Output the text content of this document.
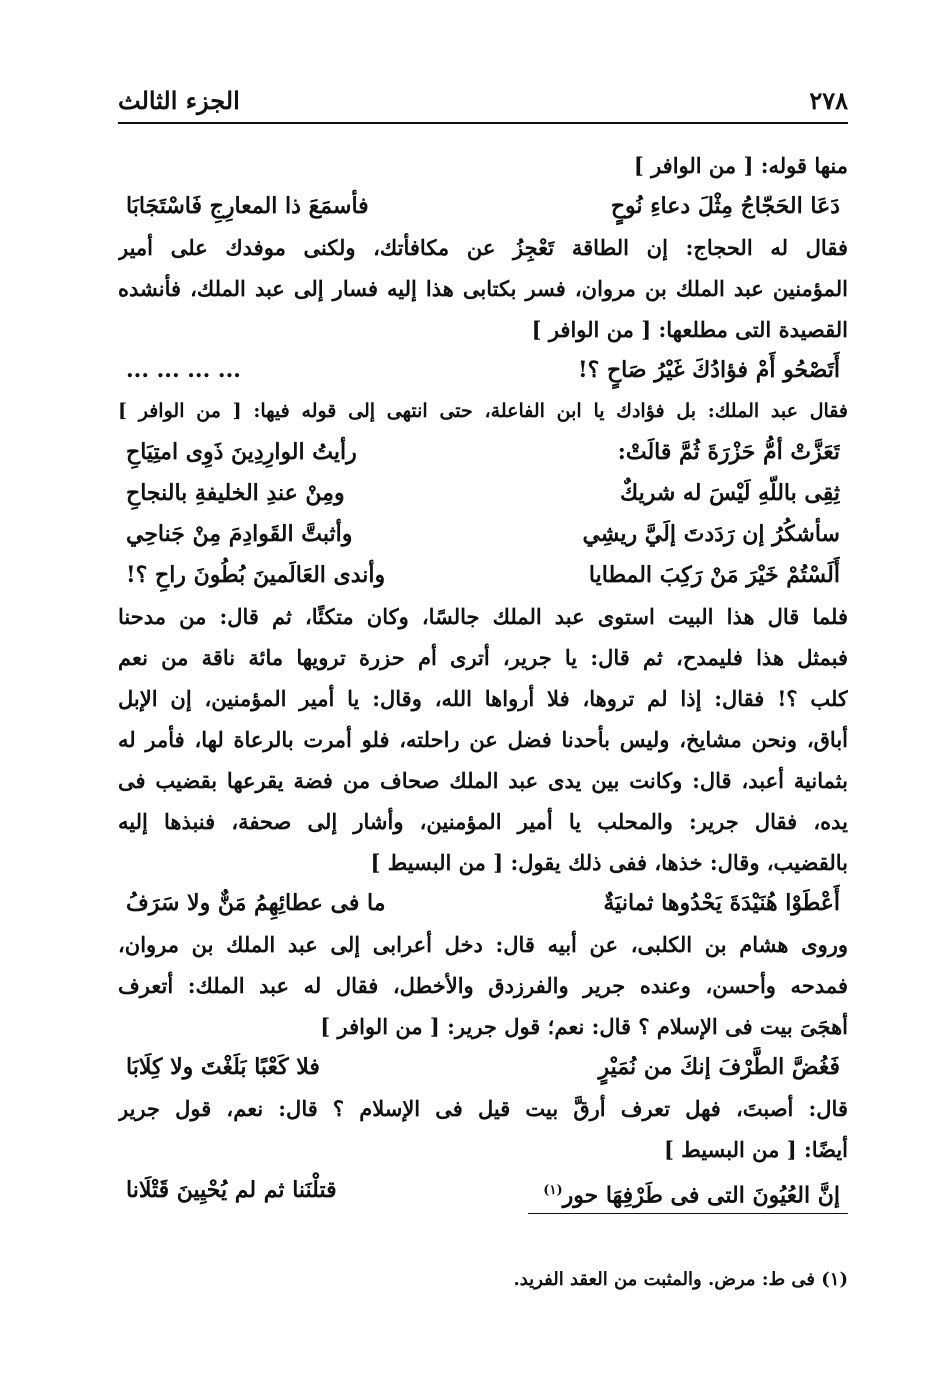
٢٧٨
الجزء الثالث
منها قوله: [ من الوافر ]
دَعَا الحَجّاجُ مِثْلَ دعاءِ نُوحٍ
فأسمَعَ ذا المعارِجِ فَاسْتَجَابَا
فقال له الحجاج: إن الطاقة تَعْجِزُ عن مكافأتك، ولكنى موفدك على أمير
المؤمنين عبد الملك بن مروان، فسر بكتابى هذا إليه فسار إلى عبد الملك، فأنشده
القصيدة التى مطلعها: [ من الوافر ]
أَتَصْحُو أَمْ فؤادُكَ غَيْرُ صَاحٍ ؟!
... ... ... ...
فقال عبد الملك: بل فؤادك يا ابن الفاعلة، حتى انتهى إلى قوله فيها: [ من الوافر ]
تَعَزَّتْ أمُّ حَزْرَةَ ثُمَّ قالَتْ:
رأيتُ الوارِدِينَ ذَوِى امتِيَاحِ
ثِقِى باللّهِ لَيْسَ له شريكٌ
ومِنْ عندِ الخليفةِ بالنجاحِ
سأشكُرُ إن رَدَدتَ إلَيَّ ريشِي
وأثبتَّ القَوادِمَ مِنْ جَناحِي
أَلَسْتُمْ خَيْرَ مَنْ رَكِبَ المطايا
وأندى العَالَمينَ بُطُونَ راحِ ؟!
فلما قال هذا البيت استوى عبد الملك جالسًا، وكان متكئًا، ثم قال: من مدحنا
فبمثل هذا فليمدح، ثم قال: يا جرير، أترى أم حزرة ترويها مائة ناقة من نعم
كلب ؟! فقال: إذا لم تروها، فلا أرواها الله، وقال: يا أمير المؤمنين، إن الإبل
أباق، ونحن مشايخ، وليس بأحدنا فضل عن راحلته، فلو أمرت بالرعاة لها، فأمر له
بثمانية أعبد، قال: وكانت بين يدى عبد الملك صحاف من فضة يقرعها بقضيب فى
يده، فقال جرير: والمحلب يا أمير المؤمنين، وأشار إلى صحفة، فنبذها إليه
بالقضيب، وقال: خذها، ففى ذلك يقول: [ من البسيط ]
أَعْطَوْا هُنَيْدَةَ يَحْدُوها ثمانيَةٌ
ما فى عطائِهِمُ مَنٌّ ولا سَرَفُ
وروى هشام بن الكلبى، عن أبيه قال: دخل أعرابى إلى عبد الملك بن مروان،
فمدحه وأحسن، وعنده جرير والفرزدق والأخطل، فقال له عبد الملك: أتعرف
أهجَىَ بيت فى الإسلام ؟ قال: نعم؛ قول جرير: [ من الوافر ]
فَغُضَّ الطَّرْفَ إنكَ من نُمَيْرٍ
فلا كَعْبًا بَلَغْتَ ولا كِلَابَا
قال: أصبتَ، فهل تعرف أرقَّ بيت قيل فى الإسلام ؟ قال: نعم، قول جرير
أيضًا: [ من البسيط ]
إنَّ العُيُونَ التى فى طَرْفِهَا حور$^{(١)}$
قتلْنَنا ثم لم يُحْيِينَ قَتْلَانا
(١) فى ط: مرض. والمثبت من العقد الفريد.
